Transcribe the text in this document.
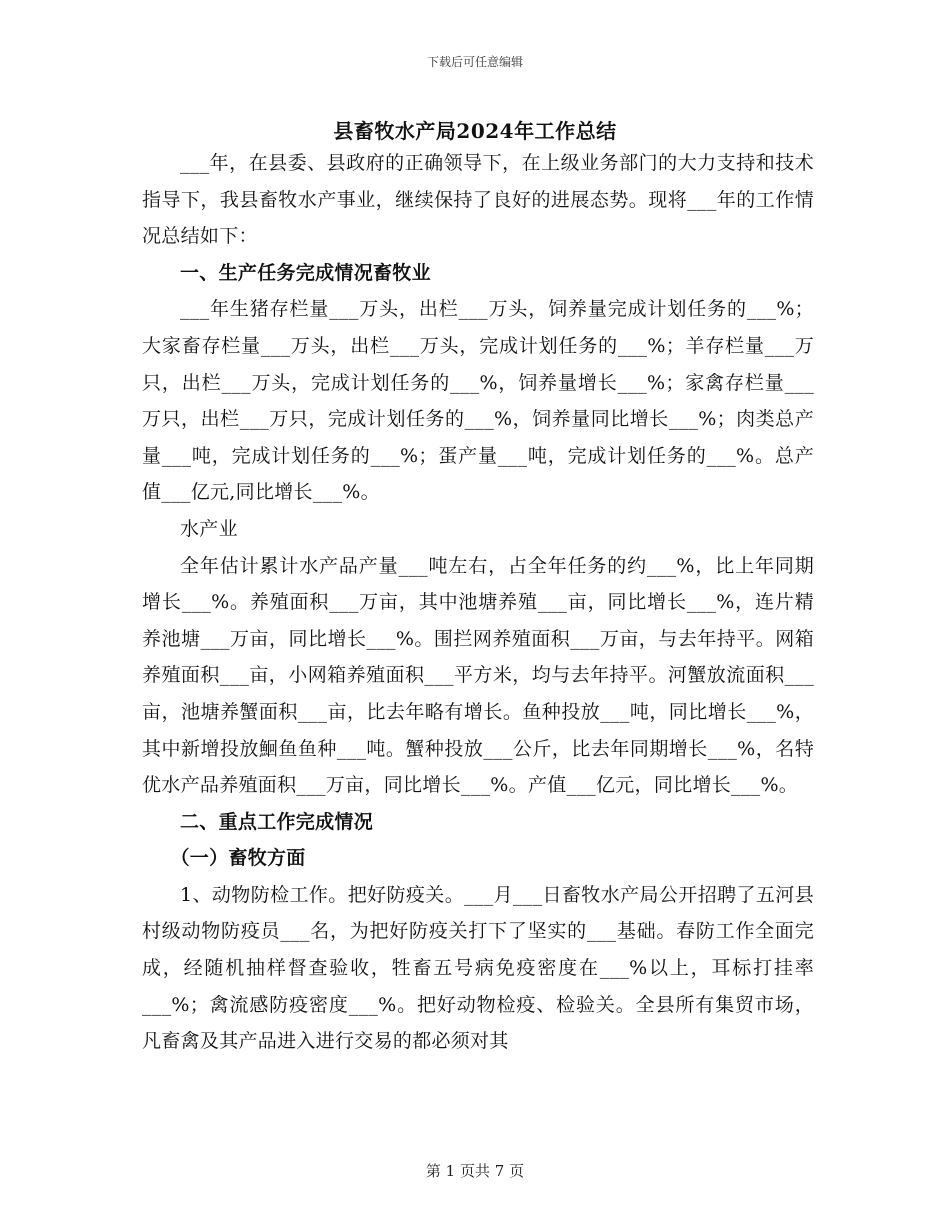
下载后可任意编辑
县畜牧水产局2024年工作总结

___年，在县委、县政府的正确领导下，在上级业务部门的大力支持和技术指导下，我县畜牧水产事业，继续保持了良好的进展态势。现将___年的工作情况总结如下：

一、生产任务完成情况畜牧业

___年生猪存栏量___万头，出栏___万头，饲养量完成计划任务的___%；大家畜存栏量___万头，出栏___万头，完成计划任务的___%；羊存栏量___万只，出栏___万头，完成计划任务的___%，饲养量增长___%；家禽存栏量___万只，出栏___万只，完成计划任务的___%，饲养量同比增长___%；肉类总产量___吨，完成计划任务的___%；蛋产量___吨，完成计划任务的___%。总产值___亿元,同比增长___%。

水产业

全年估计累计水产品产量___吨左右，占全年任务的约___%，比上年同期增长___%。养殖面积___万亩，其中池塘养殖___亩，同比增长___%，连片精养池塘___万亩，同比增长___%。围拦网养殖面积___万亩，与去年持平。网箱养殖面积___亩，小网箱养殖面积___平方米，均与去年持平。河蟹放流面积___亩，池塘养蟹面积___亩，比去年略有增长。鱼种投放___吨，同比增长___%，其中新增投放鮰鱼鱼种___吨。蟹种投放___公斤，比去年同期增长___%，名特优水产品养殖面积___万亩，同比增长___%。产值___亿元，同比增长___%。

二、重点工作完成情况
（一）畜牧方面

1、动物防检工作。把好防疫关。___月___日畜牧水产局公开招聘了五河县村级动物防疫员___名，为把好防疫关打下了坚实的___基础。春防工作全面完成，经随机抽样督查验收，牲畜五号病免疫密度在___%以上，耳标打挂率___%；禽流感防疫密度___%。把好动物检疫、检验关。全县所有集贸市场，凡畜禽及其产品进入进行交易的都必须对其

第 1 页共 7 页
